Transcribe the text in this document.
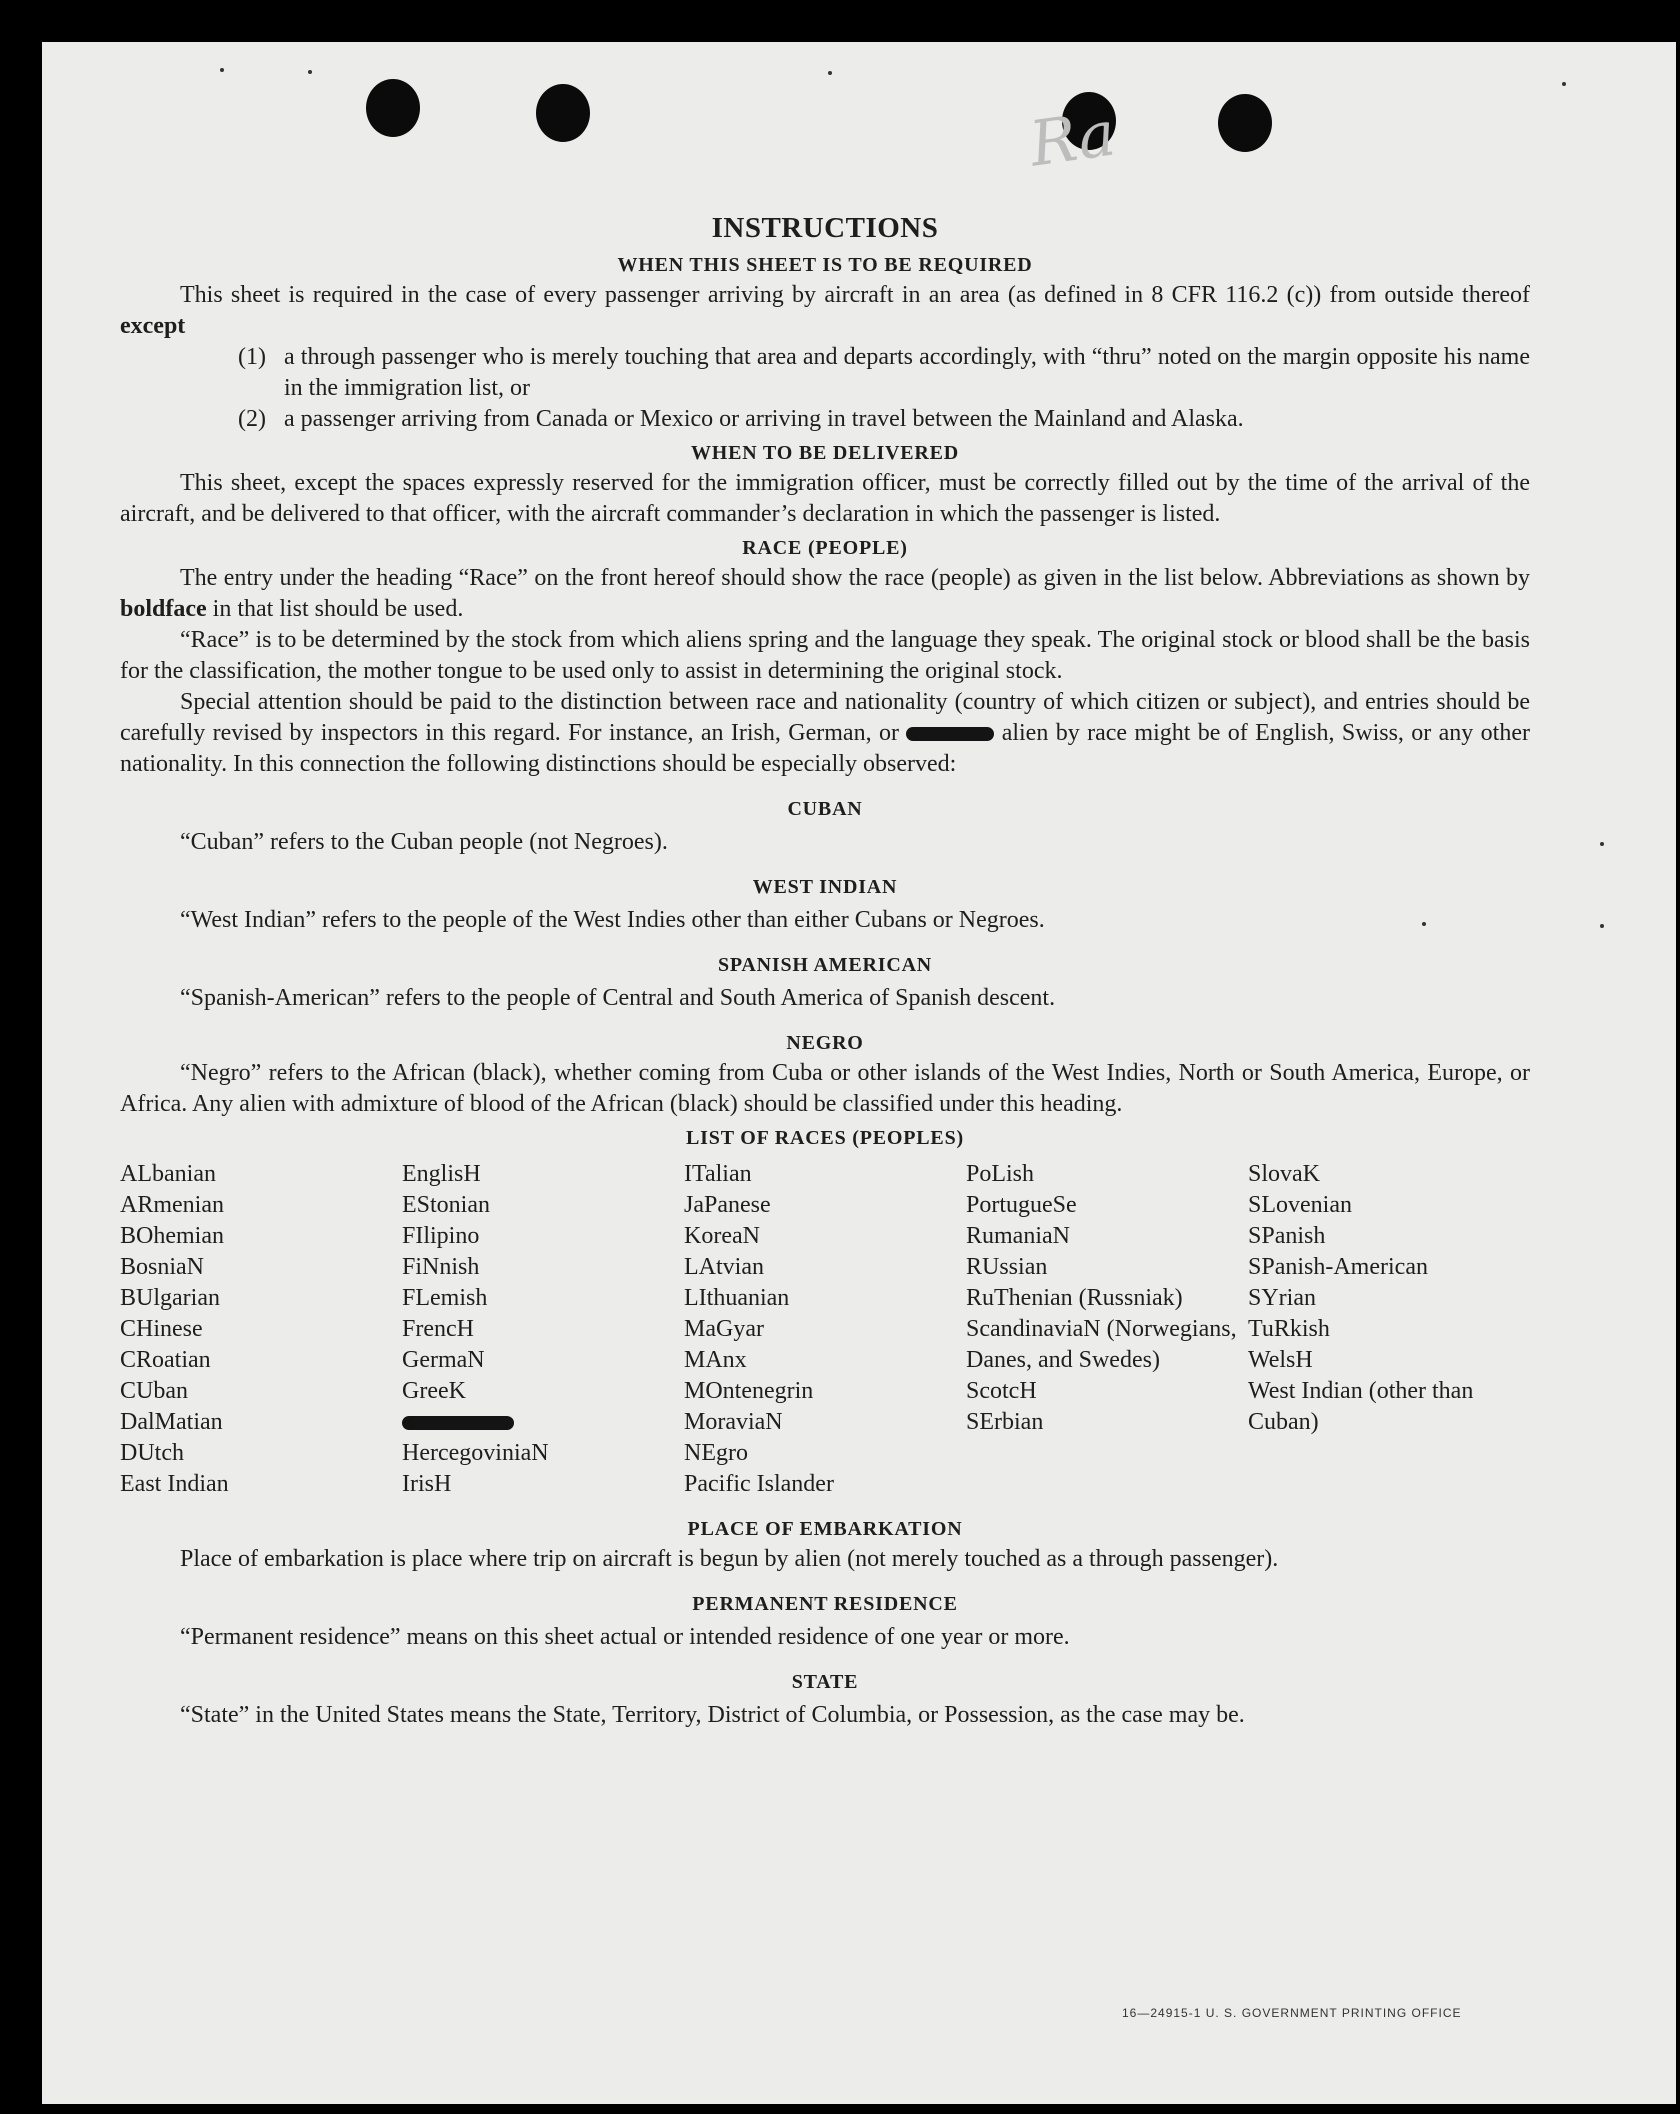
Ra
INSTRUCTIONS
WHEN THIS SHEET IS TO BE REQUIRED

This sheet is required in the case of every passenger arriving by aircraft in an area (as defined in 8 CFR 116.2 (c)) from outside thereof except

(1) a through passenger who is merely touching that area and departs accordingly, with “thru” noted on the margin opposite his name in the immigration list, or
(2) a passenger arriving from Canada or Mexico or arriving in travel between the Mainland and Alaska.
WHEN TO BE DELIVERED

This sheet, except the spaces expressly reserved for the immigration officer, must be correctly filled out by the time of the arrival of the aircraft, and be delivered to that officer, with the aircraft commander’s declaration in which the passenger is listed.

RACE (PEOPLE)

The entry under the heading “Race” on the front hereof should show the race (people) as given in the list below. Abbreviations as shown by boldface in that list should be used.

“Race” is to be determined by the stock from which aliens spring and the language they speak. The original stock or blood shall be the basis for the classification, the mother tongue to be used only to assist in determining the original stock.

Special attention should be paid to the distinction between race and nationality (country of which citizen or subject), and entries should be carefully revised by inspectors in this regard. For instance, an Irish, German, or	alien by race might be of English, Swiss, or any other nationality. In this connection the following distinctions should be especially observed:

CUBAN

“Cuban” refers to the Cuban people (not Negroes).

WEST INDIAN

“West Indian” refers to the people of the West Indies other than either Cubans or Negroes.

SPANISH AMERICAN

“Spanish-American” refers to the people of Central and South America of Spanish descent.

NEGRO

“Negro” refers to the African (black), whether coming from Cuba or other islands of the West Indies, North or South America, Europe, or Africa. Any alien with admixture of blood of the African (black) should be classified under this heading.

LIST OF RACES (PEOPLES)
ALbanian
ARmenian
BOhemian
BosniaN
BUlgarian
CHinese
CRoatian
CUban
DalMatian
DUtch
East Indian
EnglisH
EStonian
FIlipino
FiNnish
FLemish
FrencH
GermaN
GreeK
HercegoviniaN
IrisH
ITalian
JaPanese
KoreaN
LAtvian
LIthuanian
MaGyar
MAnx
MOntenegrin
MoraviaN
NEgro
Pacific Islander
PoLish
PortugueSe
RumaniaN
RUssian
RuThenian (Russniak)
ScandinaviaN (Norwegians, Danes, and Swedes)
ScotcH
SErbian
SlovaK
SLovenian
SPanish
SPanish-American
SYrian
TuRkish
WelsH
West Indian (other than Cuban)
PLACE OF EMBARKATION

Place of embarkation is place where trip on aircraft is begun by alien (not merely touched as a through passenger).

PERMANENT RESIDENCE

“Permanent residence” means on this sheet actual or intended residence of one year or more.

STATE

“State” in the United States means the State, Territory, District of Columbia, or Possession, as the case may be.

16—24915-1 U. S. GOVERNMENT PRINTING OFFICE
